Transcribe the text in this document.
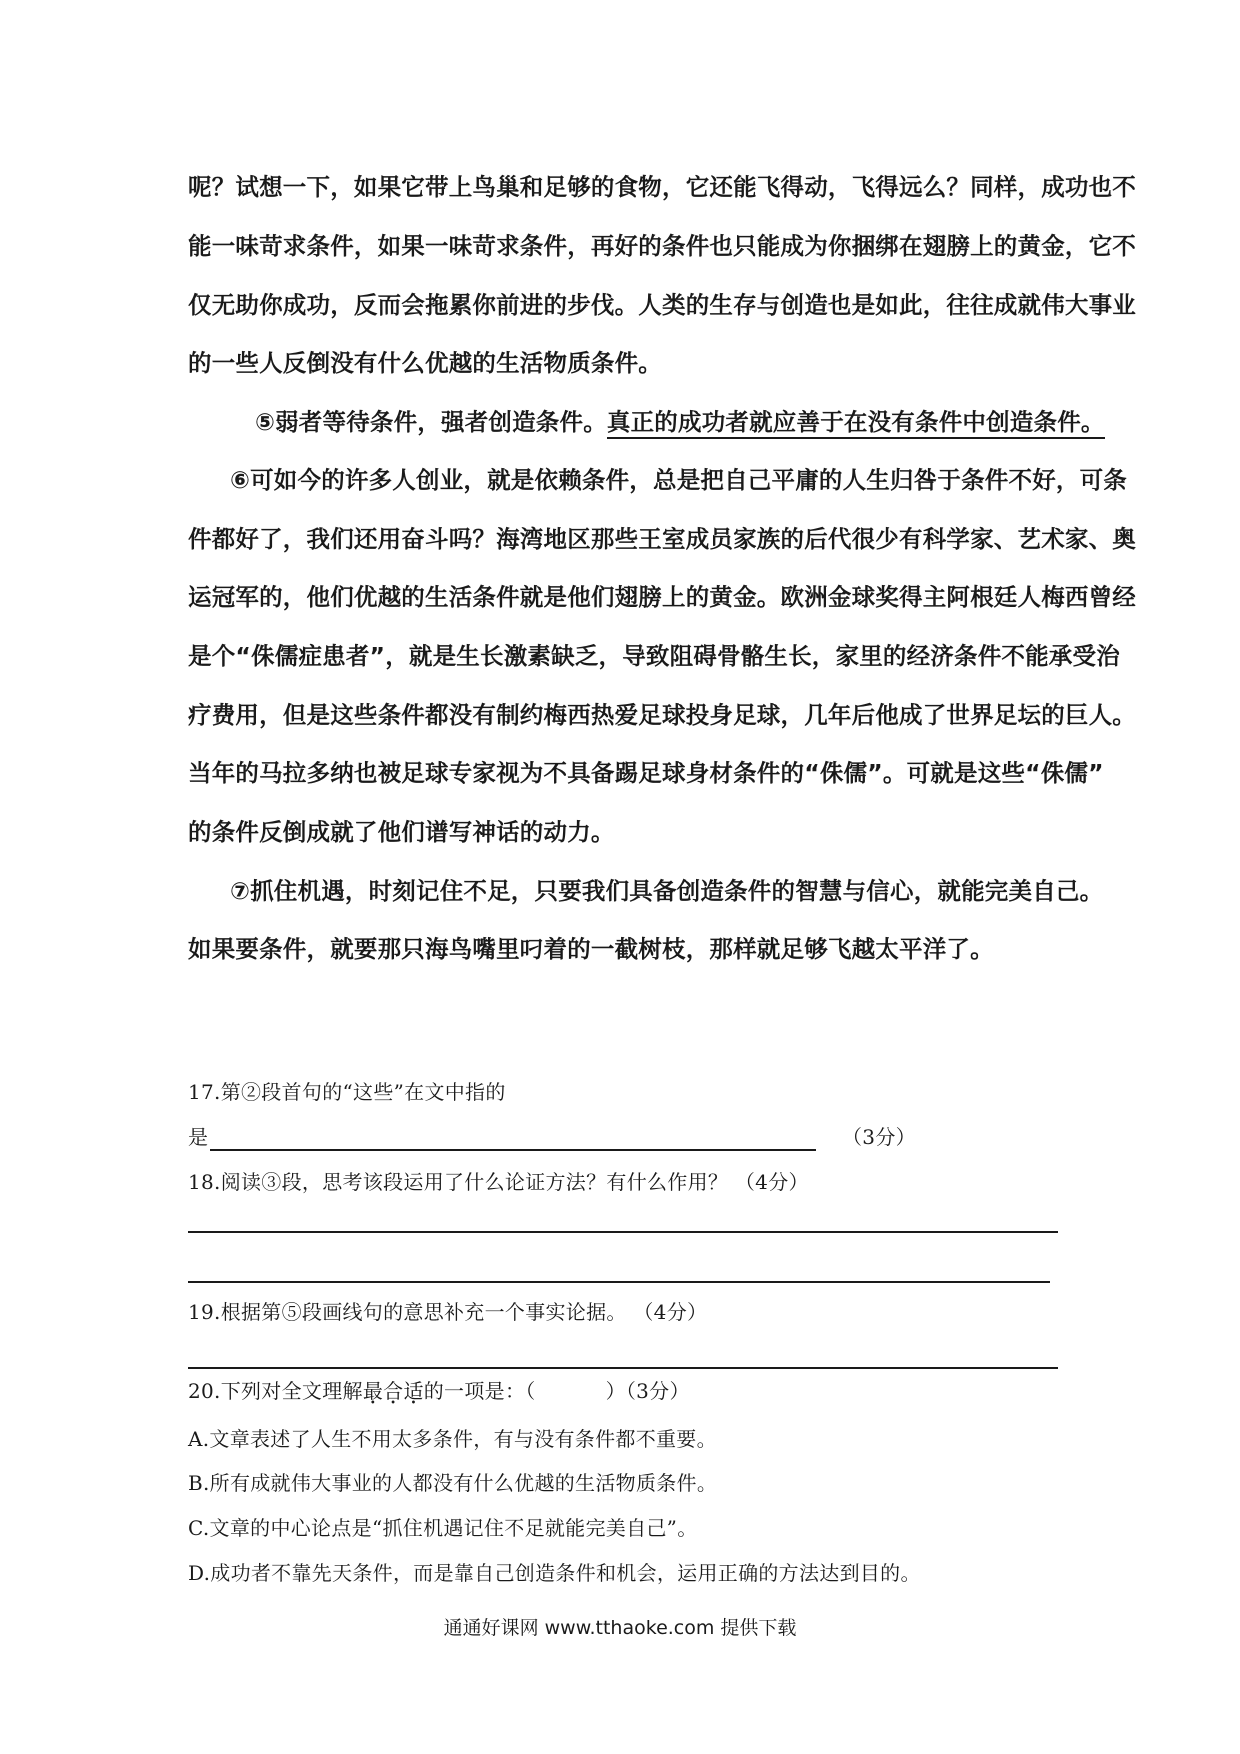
呢？试想一下，如果它带上鸟巢和足够的食物，它还能飞得动，飞得远么？同样，成功也不

能一味苛求条件，如果一味苛求条件，再好的条件也只能成为你捆绑在翅膀上的黄金，它不

仅无助你成功，反而会拖累你前进的步伐。人类的生存与创造也是如此，往往成就伟大事业

的一些人反倒没有什么优越的生活物质条件。

⑤弱者等待条件，强者创造条件。真正的成功者就应善于在没有条件中创造条件。

⑥可如今的许多人创业，就是依赖条件，总是把自己平庸的人生归咎于条件不好，可条

件都好了，我们还用奋斗吗？海湾地区那些王室成员家族的后代很少有科学家、艺术家、奥

运冠军的，他们优越的生活条件就是他们翅膀上的黄金。欧洲金球奖得主阿根廷人梅西曾经

是个“侏儒症患者”，就是生长激素缺乏，导致阻碍骨骼生长，家里的经济条件不能承受治

疗费用，但是这些条件都没有制约梅西热爱足球投身足球，几年后他成了世界足坛的巨人。

当年的马拉多纳也被足球专家视为不具备踢足球身材条件的“侏儒”。可就是这些“侏儒”

的条件反倒成就了他们谱写神话的动力。

⑦抓住机遇，时刻记住不足，只要我们具备创造条件的智慧与信心，就能完美自己。

如果要条件，就要那只海鸟嘴里叼着的一截树枝，那样就足够飞越太平洋了。

17.第②段首句的“这些”在文中指的

是	（3分）

18.阅读③段，思考该段运用了什么论证方法？有什么作用？ （4分）

19.根据第⑤段画线句的意思补充一个事实论据。 （4分）

20.下列对全文理解最合适的一项是：（	）（3分）

A.文章表述了人生不用太多条件，有与没有条件都不重要。

B.所有成就伟大事业的人都没有什么优越的生活物质条件。

C.文章的中心论点是“抓住机遇记住不足就能完美自己”。

D.成功者不靠先天条件，而是靠自己创造条件和机会，运用正确的方法达到目的。

通通好课网 www.tthaoke.com 提供下载
